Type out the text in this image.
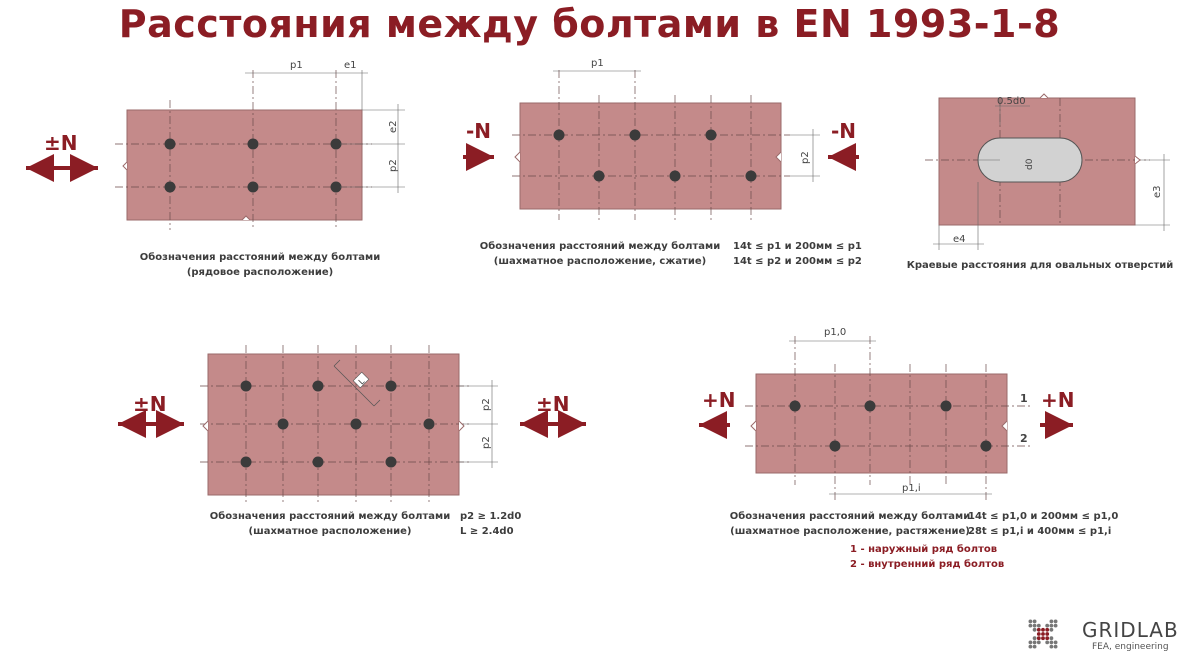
Расстояния между болтами в EN 1993-1-8
p1	e1
e2
p2
±N
p1
p2
-N	-N
0.5d0
d0
e3
e4
L
p2
p2
±N	±N
p1,0
p1,i
1
2
+N	+N
Обозначения расстояний между болтами
(рядовое расположение)
Обозначения расстояний между болтами
(шахматное расположение, сжатие)
14t ≤ p1 и 200мм ≤ p1
14t ≤ p2 и 200мм ≤ p2	Краевые расстояния для овальных отверстий
Обозначения расстояний между болтами
(шахматное расположение)
p2 ≥ 1.2d0
L ≥ 2.4d0
Обозначения расстояний между болтами
(шахматное расположение, растяжение)
14t ≤ p1,0 и 200мм ≤ p1,0
28t ≤ p1,i и 400мм ≤ p1,i
1 - наружный ряд болтов
2 - внутренний ряд болтов
GRIDLAB
FEA, engineering
